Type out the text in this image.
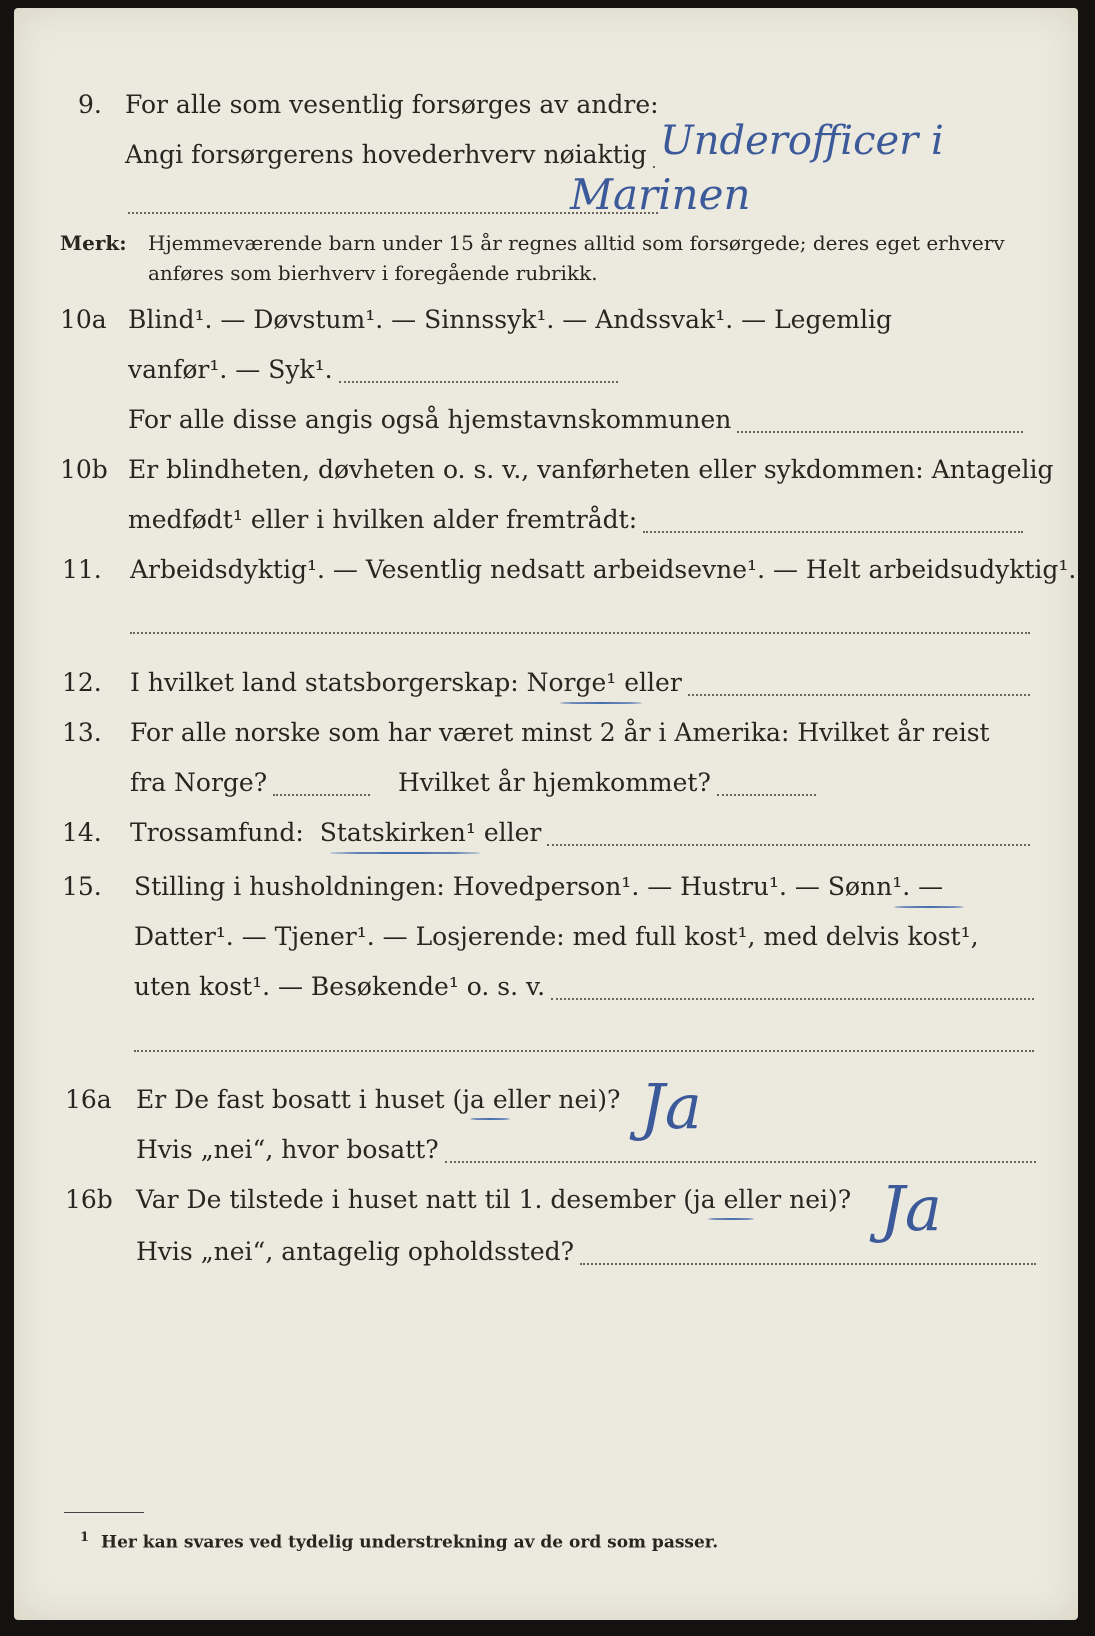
9. For alle som vesentlig forsørges av andre:
Angi forsørgerens hovederhverv nøiaktig Underofficer i
Marinen
Merk: Hjemmeværende barn under 15 år regnes alltid som forsørgede; deres eget erhverv
anføres som bierhverv i foregående rubrikk.
10a Blind¹. — Døvstum¹. — Sinnssyk¹. — Andssvak¹. — Legemlig
vanfør¹. — Syk¹.
For alle disse angis også hjemstavnskommunen
10b Er blindheten, døvheten o. s. v., vanførheten eller sykdommen: Antagelig
medfødt¹ eller i hvilken alder fremtrådt:
11. Arbeidsdyktig¹. — Vesentlig nedsatt arbeidsevne¹. — Helt arbeidsudyktig¹.
12. I hvilket land statsborgerskap:
Norge¹
eller
13. For alle norske som har været minst 2 år i Amerika: Hvilket år reist
fra Norge?	Hvilket år hjemkommet?
14. Trossamfund:
Statskirken¹
eller
15. Stilling i husholdningen: Hovedperson¹. — Hustru¹. —
Sønn¹ . —
Datter¹. — Tjener¹. — Losjerende: med full kost¹, med delvis kost¹,
uten kost¹. — Besøkende¹ o. s. v.
16a Er De fast bosatt i huset
(ja
eller nei)?
Hvis „nei“, hvor bosatt?
Ja
16b Var De tilstede i huset natt til 1. desember
(ja
eller nei)?
Hvis „nei“, antagelig opholdssted?
Ja
$^1$ Her kan svares ved tydelig understrekning av de ord som passer.
